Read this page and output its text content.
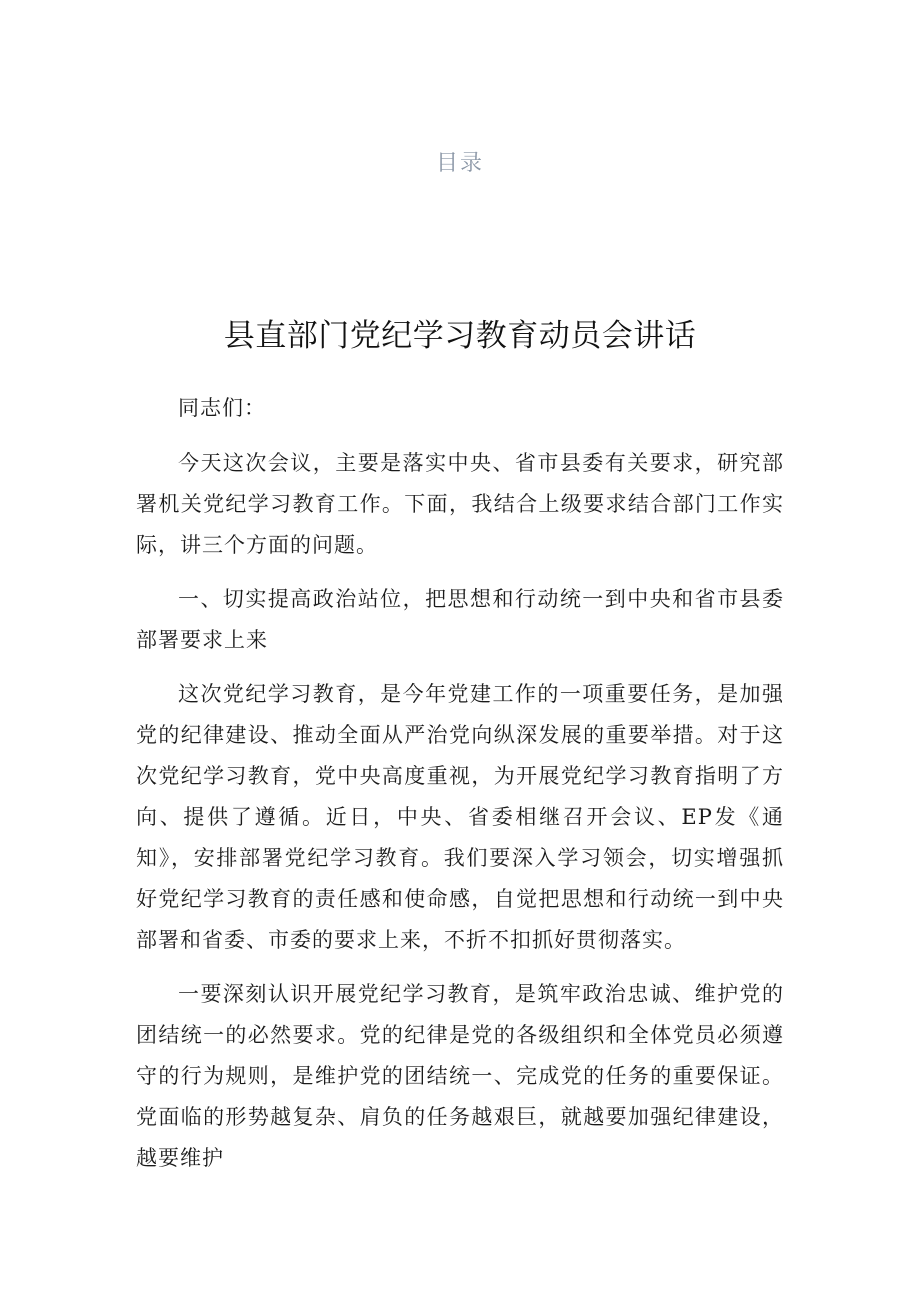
目录
县直部门党纪学习教育动员会讲话

同志们：

今天这次会议，主要是落实中央、省市县委有关要求，研究部署机关党纪学习教育工作。下面，我结合上级要求结合部门工作实际，讲三个方面的问题。

一、切实提高政治站位，把思想和行动统一到中央和省市县委部署要求上来

这次党纪学习教育，是今年党建工作的一项重要任务，是加强党的纪律建设、推动全面从严治党向纵深发展的重要举措。对于这次党纪学习教育，党中央高度重视，为开展党纪学习教育指明了方向、提供了遵循。近日，中央、省委相继召开会议、EP发《通知》，安排部署党纪学习教育。我们要深入学习领会，切实增强抓好党纪学习教育的责任感和使命感，自觉把思想和行动统一到中央部署和省委、市委的要求上来，不折不扣抓好贯彻落实。

一要深刻认识开展党纪学习教育，是筑牢政治忠诚、维护党的团结统一的必然要求。党的纪律是党的各级组织和全体党员必须遵守的行为规则，是维护党的团结统一、完成党的任务的重要保证。党面临的形势越复杂、肩负的任务越艰巨，就越要加强纪律建设，越要维护
